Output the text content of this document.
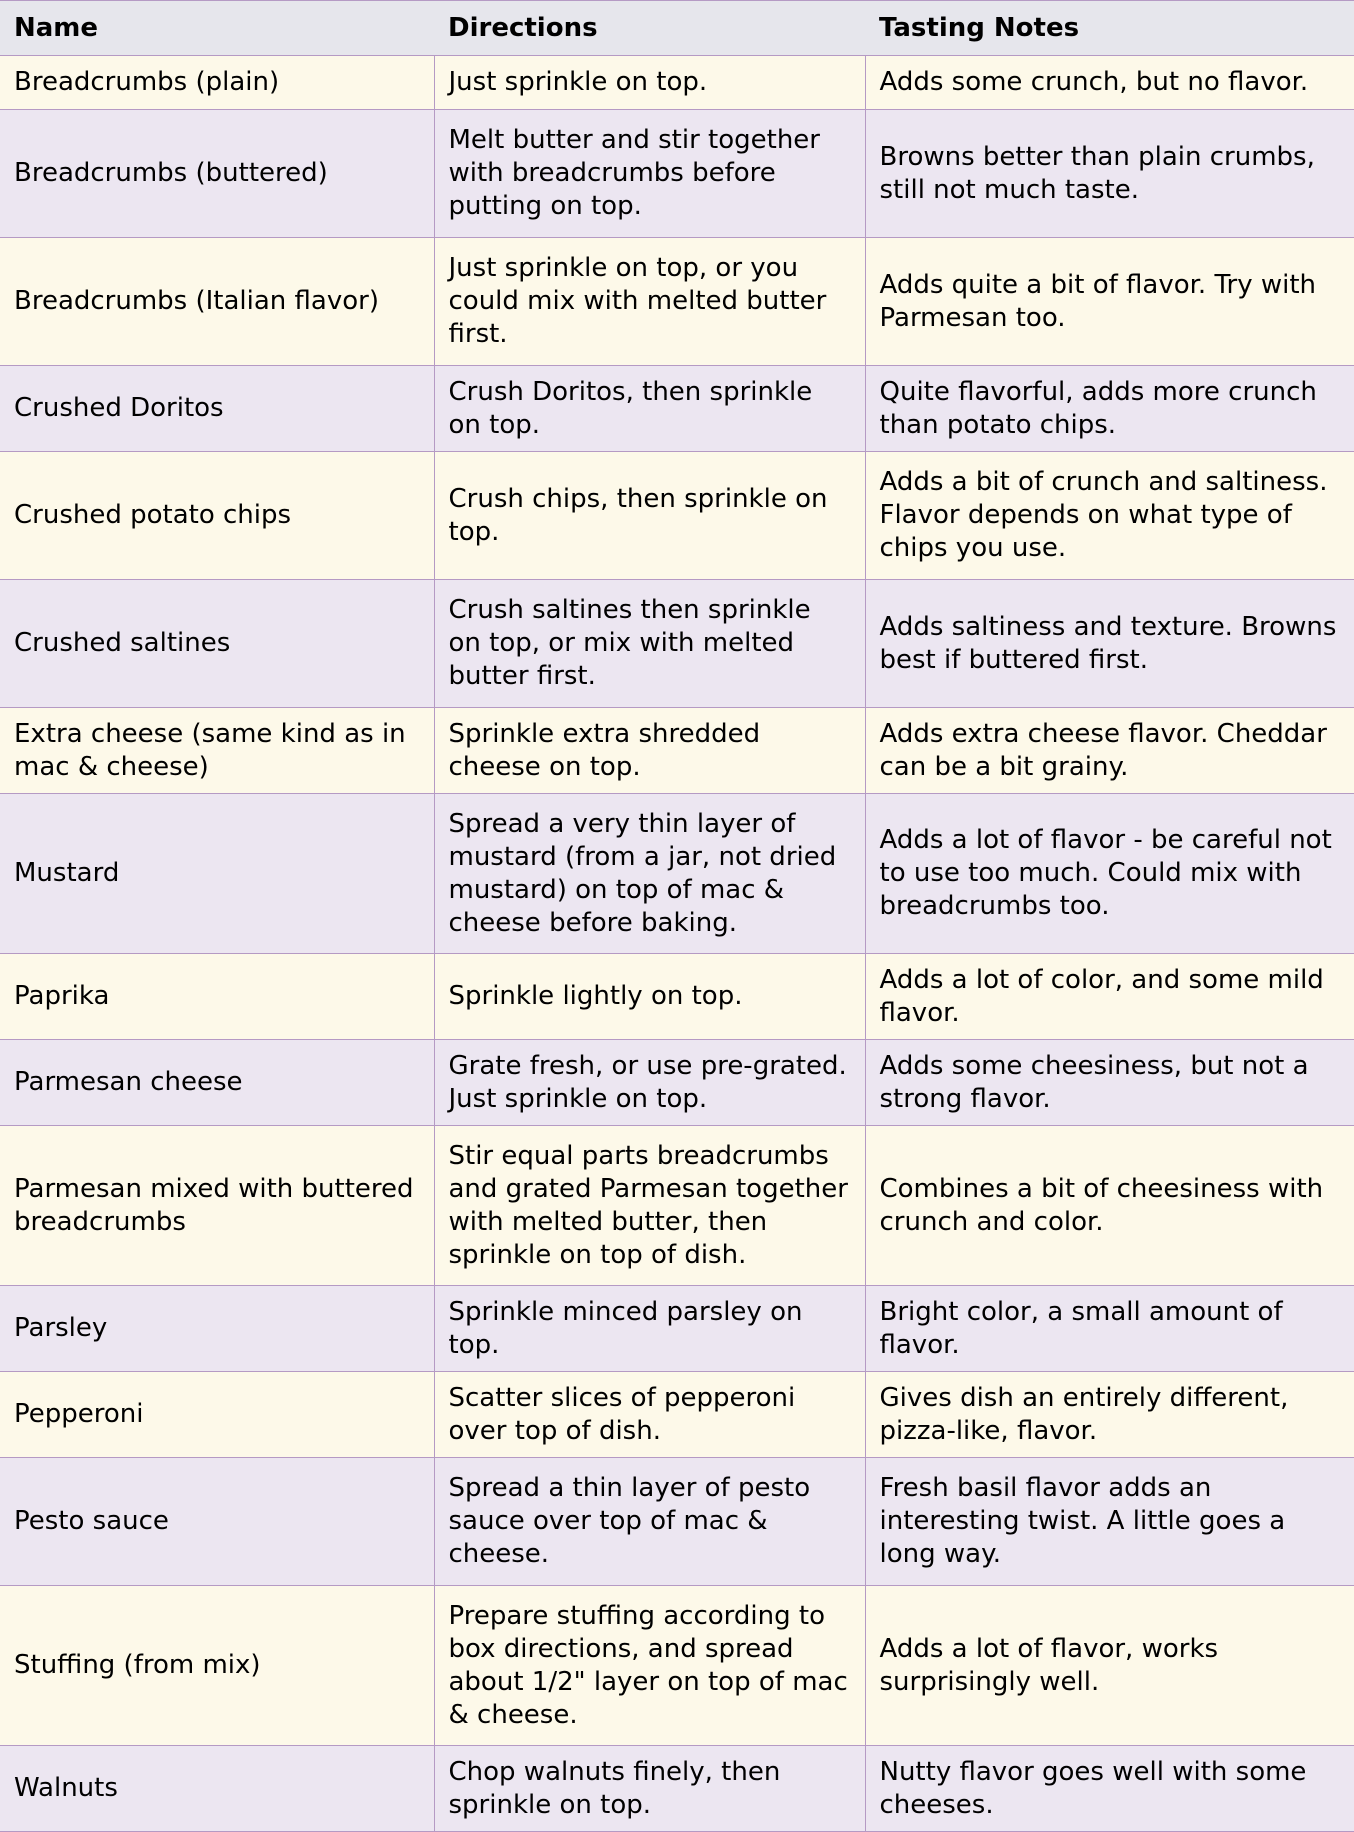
Name	Directions	Tasting Notes
Breadcrumbs (plain)	Just sprinkle on top.	Adds some crunch, but no flavor.
Breadcrumbs (buttered)	Melt butter and stir together with breadcrumbs before putting on top.	Browns better than plain crumbs, still not much taste.
Breadcrumbs (Italian flavor)	Just sprinkle on top, or you could mix with melted butter first.	Adds quite a bit of flavor. Try with Parmesan too.
Crushed Doritos	Crush Doritos, then sprinkle on top.	Quite flavorful, adds more crunch than potato chips.
Crushed potato chips	Crush chips, then sprinkle on top.	Adds a bit of crunch and saltiness. Flavor depends on what type of chips you use.
Crushed saltines	Crush saltines then sprinkle on top, or mix with melted butter first.	Adds saltiness and texture. Browns best if buttered first.
Extra cheese (same kind as in mac & cheese)	Sprinkle extra shredded cheese on top.	Adds extra cheese flavor. Cheddar can be a bit grainy.
Mustard	Spread a very thin layer of mustard (from a jar, not dried mustard) on top of mac & cheese before baking.	Adds a lot of flavor - be careful not to use too much. Could mix with breadcrumbs too.
Paprika	Sprinkle lightly on top.	Adds a lot of color, and some mild flavor.
Parmesan cheese	Grate fresh, or use pre-grated. Just sprinkle on top.	Adds some cheesiness, but not a strong flavor.
Parmesan mixed with buttered breadcrumbs	Stir equal parts breadcrumbs and grated Parmesan together with melted butter, then sprinkle on top of dish.	Combines a bit of cheesiness with crunch and color.
Parsley	Sprinkle minced parsley on top.	Bright color, a small amount of flavor.
Pepperoni	Scatter slices of pepperoni over top of dish.	Gives dish an entirely different, pizza-like, flavor.
Pesto sauce	Spread a thin layer of pesto sauce over top of mac & cheese.	Fresh basil flavor adds an interesting twist. A little goes a long way.
Stuffing (from mix)	Prepare stuffing according to box directions, and spread about 1/2" layer on top of mac & cheese.	Adds a lot of flavor, works surprisingly well.
Walnuts	Chop walnuts finely, then sprinkle on top.	Nutty flavor goes well with some cheeses.
